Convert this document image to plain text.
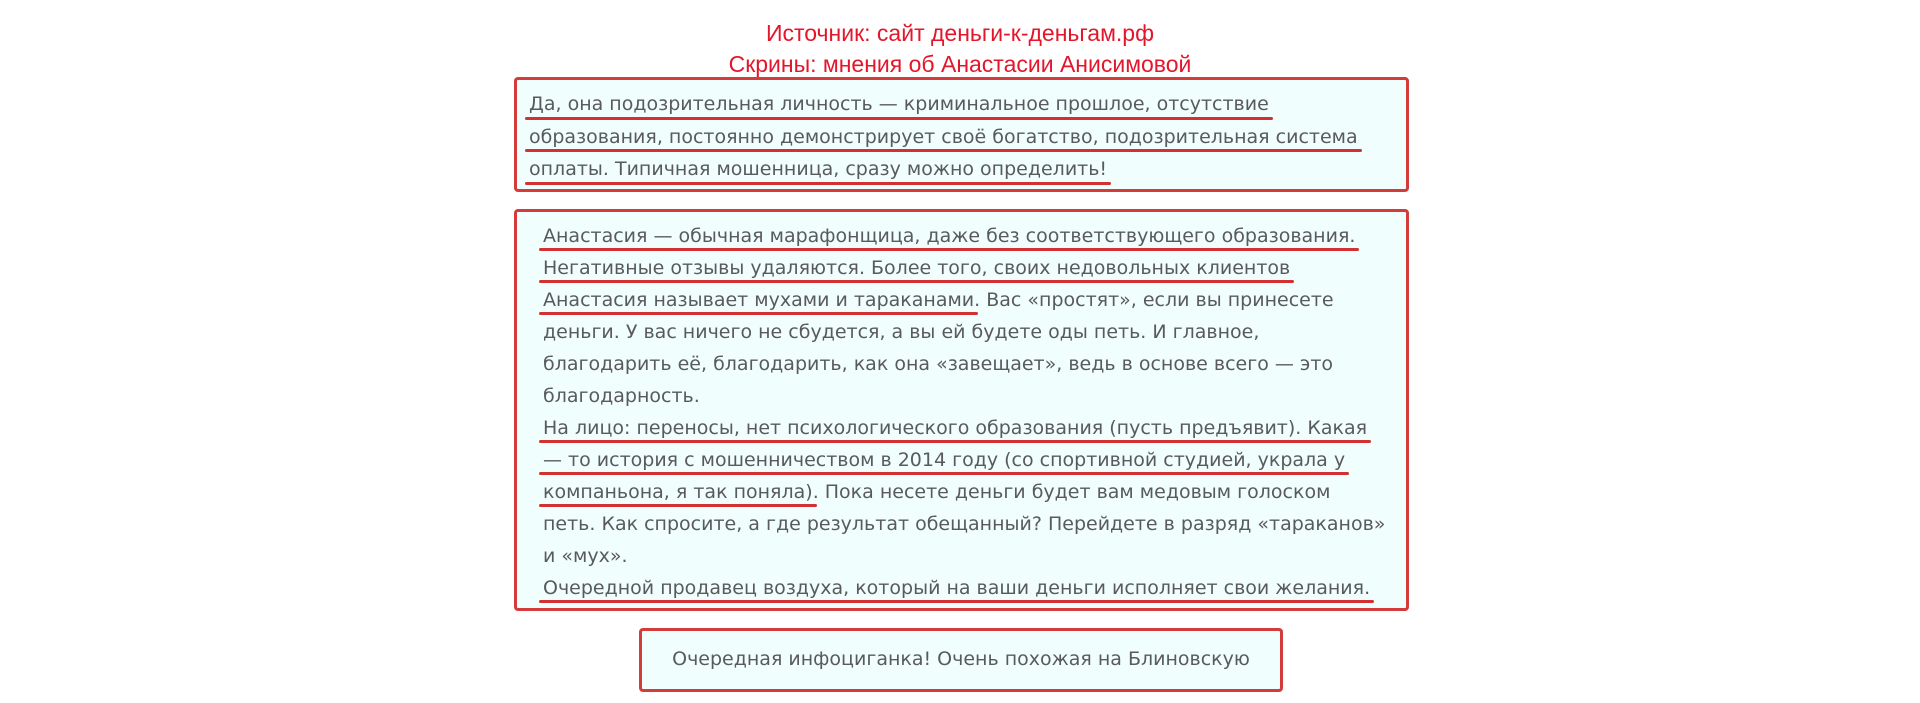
Источник: сайт деньги-к-деньгам.рф
Скрины: мнения об Анастасии Анисимовой
Да, она подозрительная личность — криминальное прошлое, отсутствие
образования, постоянно демонстрирует своё богатство, подозрительная система
оплаты. Типичная мошенница, сразу можно определить!
Анастасия — обычная марафонщица, даже без соответствующего образования.
Негативные отзывы удаляются. Более того, своих недовольных клиентов
Анастасия называет мухами и тараканами. Вас «простят», если вы принесете
деньги. У вас ничего не сбудется, а вы ей будете оды петь. И главное,
благодарить её, благодарить, как она «завещает», ведь в основе всего — это
благодарность.
На лицо: переносы, нет психологического образования (пусть предъявит). Какая
— то история с мошенничеством в 2014 году (со спортивной студией, украла у
компаньона, я так поняла). Пока несете деньги будет вам медовым голоском
петь. Как спросите, а где результат обещанный? Перейдете в разряд «тараканов»
и «мух».
Очередной продавец воздуха, который на ваши деньги исполняет свои желания.
Очередная инфоциганка! Очень похожая на Блиновскую
